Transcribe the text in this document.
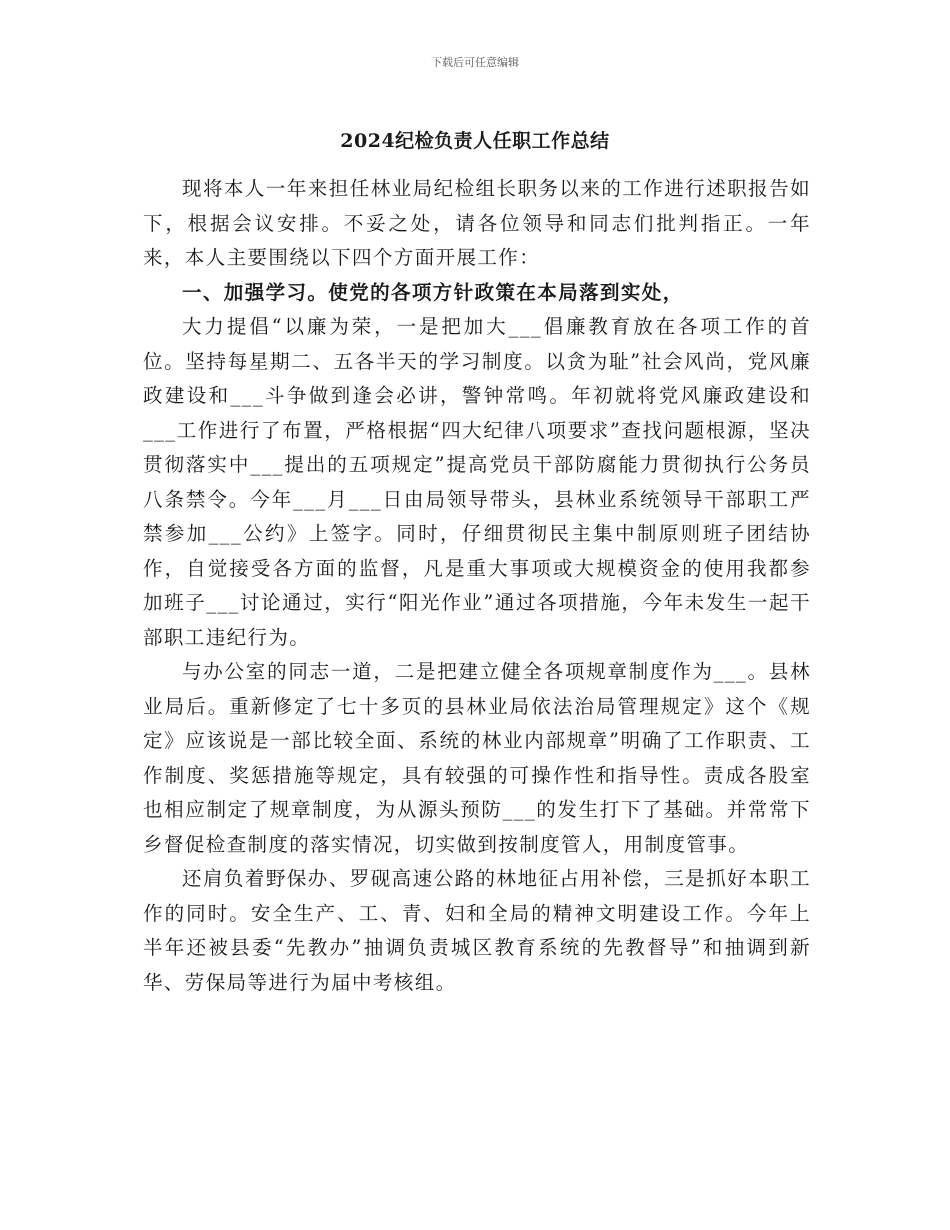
下载后可任意编辑
2024纪检负责人任职工作总结

现将本人一年来担任林业局纪检组长职务以来的工作进行述职报告如下，根据会议安排。不妥之处，请各位领导和同志们批判指正。一年来，本人主要围绕以下四个方面开展工作：

一、加强学习。使党的各项方针政策在本局落到实处，

大力提倡“以廉为荣，一是把加大___倡廉教育放在各项工作的首位。坚持每星期二、五各半天的学习制度。以贪为耻”社会风尚，党风廉政建设和___斗争做到逢会必讲，警钟常鸣。年初就将党风廉政建设和___工作进行了布置，严格根据“四大纪律八项要求”查找问题根源，坚决贯彻落实中___提出的五项规定”提高党员干部防腐能力贯彻执行公务员八条禁令。今年___月___日由局领导带头，县林业系统领导干部职工严禁参加___公约》上签字。同时，仔细贯彻民主集中制原则班子团结协作，自觉接受各方面的监督，凡是重大事项或大规模资金的使用我都参加班子___讨论通过，实行“阳光作业”通过各项措施，今年未发生一起干部职工违纪行为。

与办公室的同志一道，二是把建立健全各项规章制度作为___。县林业局后。重新修定了七十多页的县林业局依法治局管理规定》这个《规定》应该说是一部比较全面、系统的林业内部规章”明确了工作职责、工作制度、奖惩措施等规定，具有较强的可操作性和指导性。责成各股室也相应制定了规章制度，为从源头预防___的发生打下了基础。并常常下乡督促检查制度的落实情况，切实做到按制度管人，用制度管事。

还肩负着野保办、罗砚高速公路的林地征占用补偿，三是抓好本职工作的同时。安全生产、工、青、妇和全局的精神文明建设工作。今年上半年还被县委“先教办”抽调负责城区教育系统的先教督导”和抽调到新华、劳保局等进行为届中考核组。
